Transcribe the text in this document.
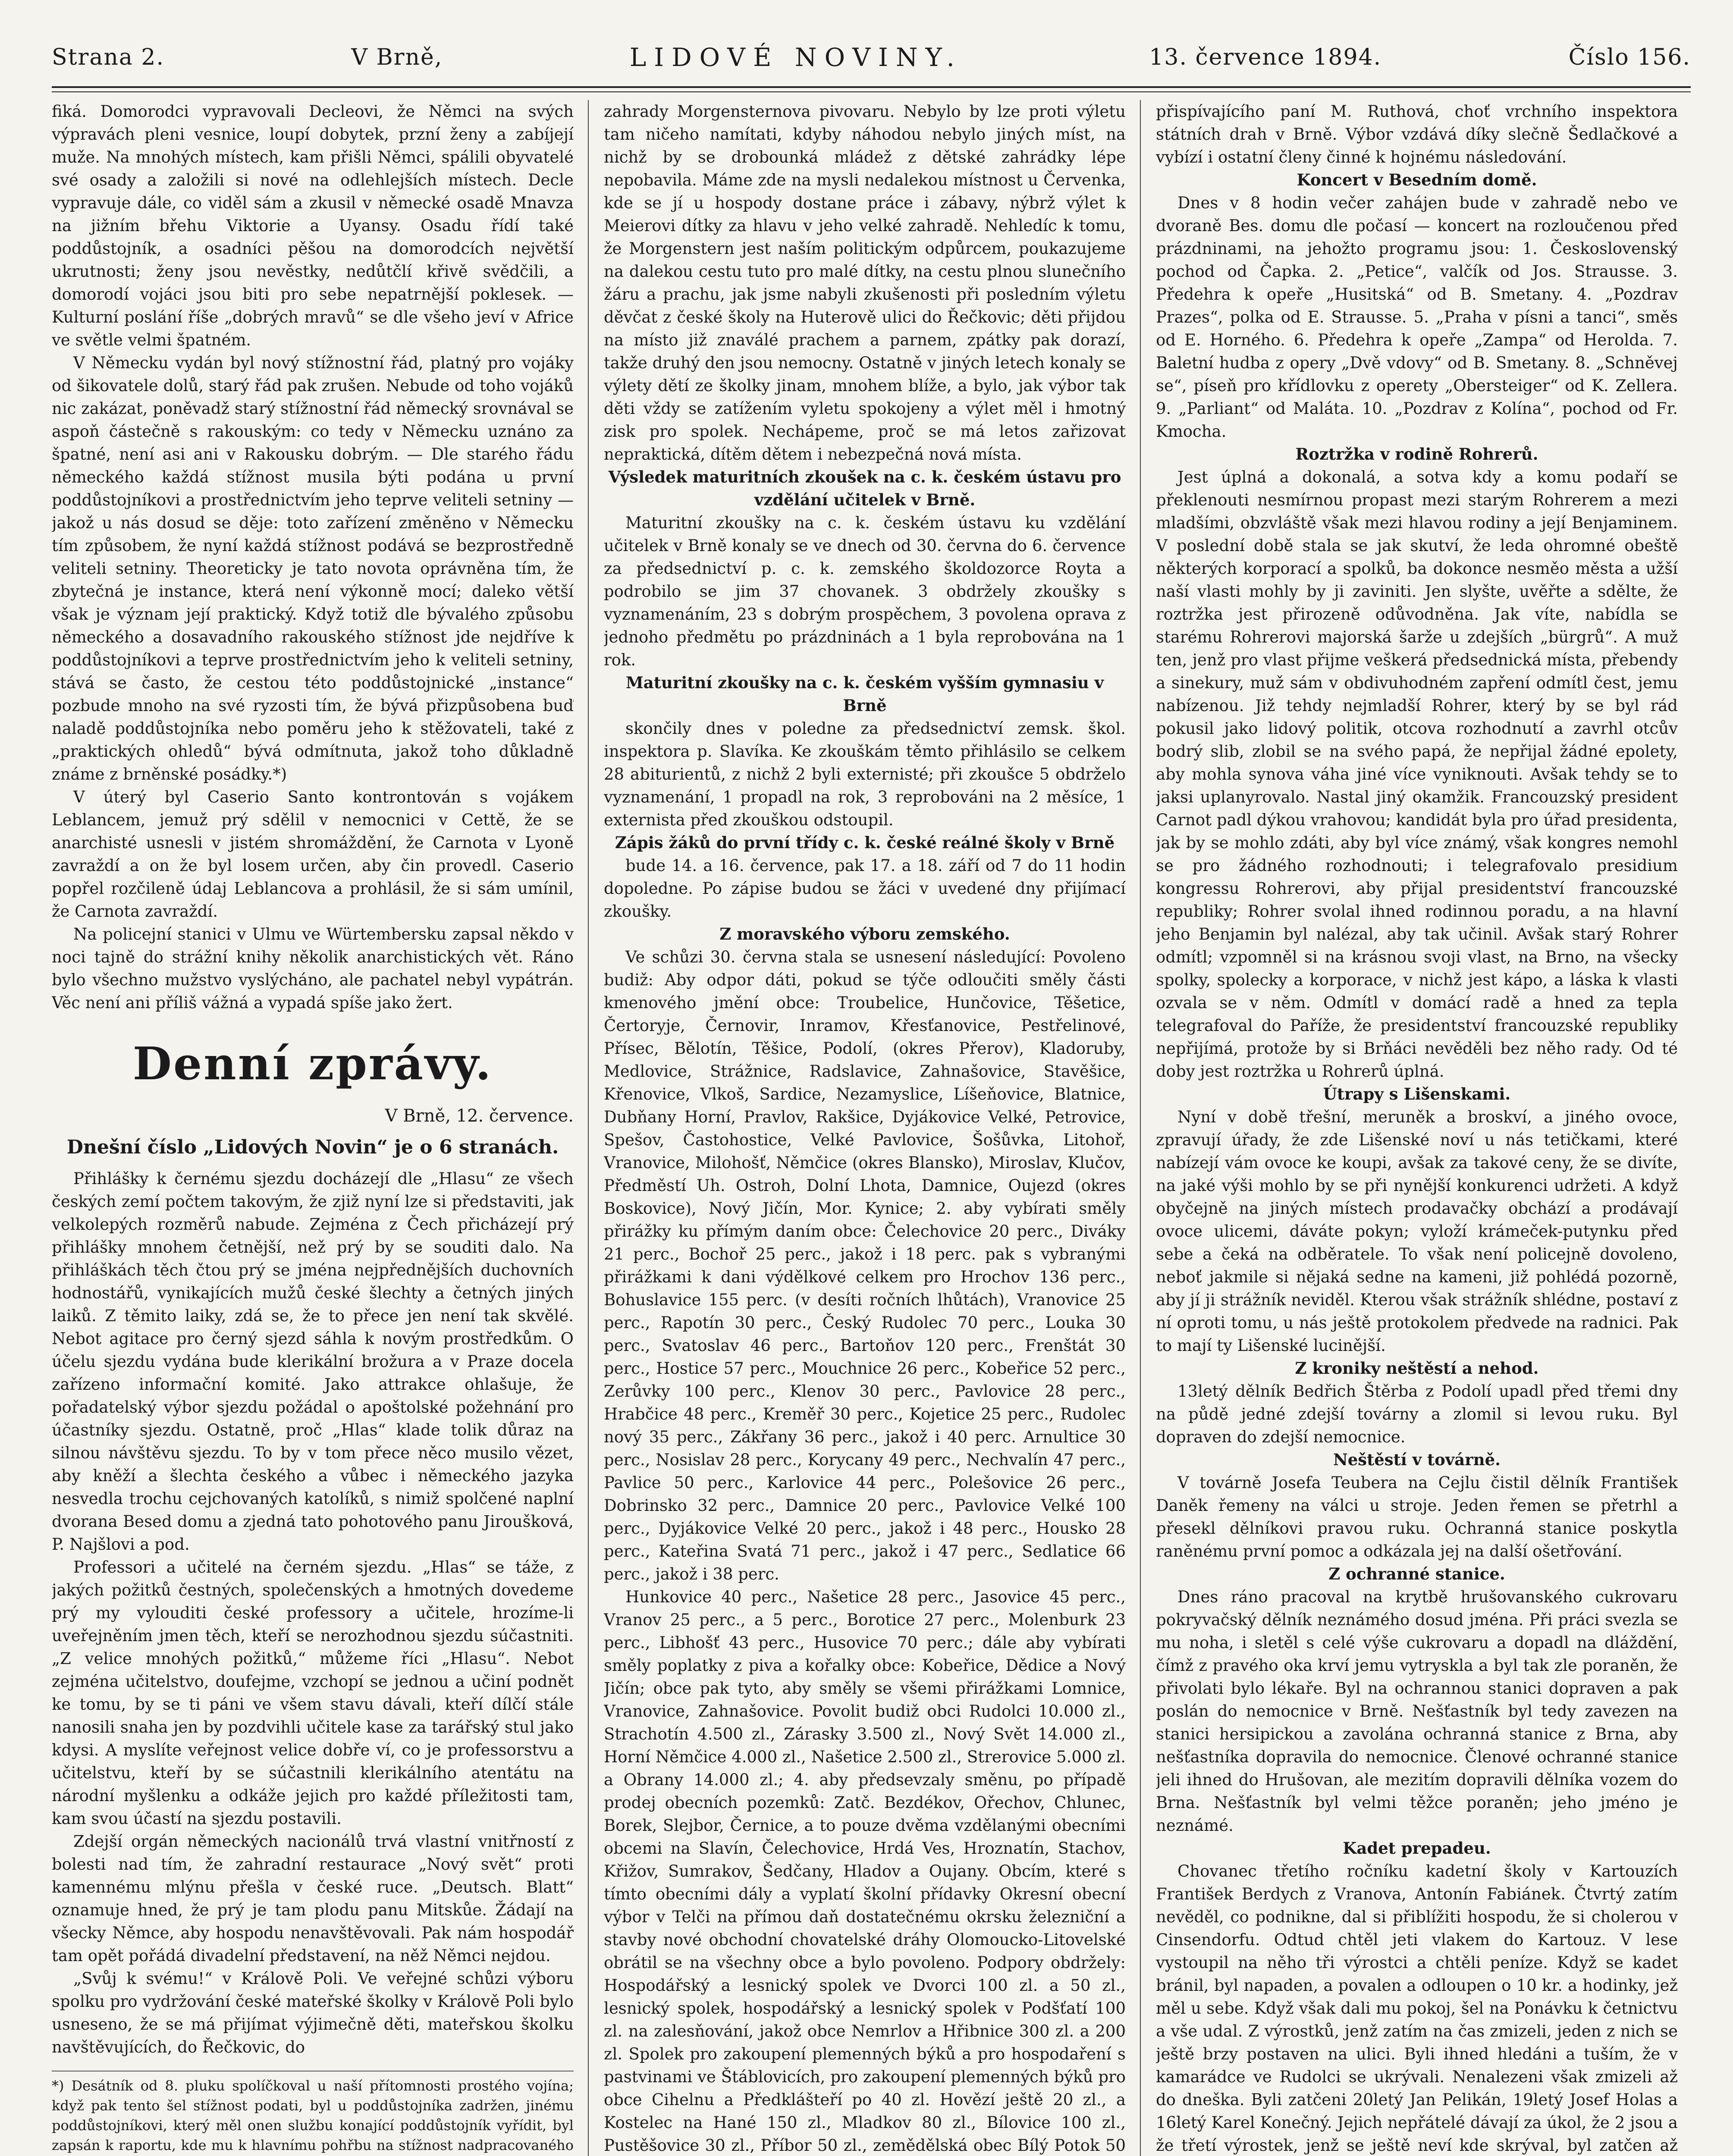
Strana 2.	V Brně,	LIDOVÉ NOVINY.	13. července 1894.	Číslo 156.

fiká. Domorodci vypravovali Decleovi, že Němci na svých výpravách pleni vesnice, loupí dobytek, przní ženy a zabíjejí muže. Na mnohých místech, kam přišli Němci, spálili obyvatelé své osady a založili si nové na odlehlejších místech. Decle vypravuje dále, co viděl sám a zkusil v německé osadě Mnavza na jižním břehu Viktorie a Uyansy. Osadu řídí také poddůstojník, a osadníci pěšou na domorodcích největší ukrutnosti; ženy jsou nevěstky, nedůtčlí křivě svědčili, a domorodí vojáci jsou biti pro sebe nepatrnější poklesek. — Kulturní poslání říše „dobrých mravů“ se dle všeho jeví v Africe ve světle velmi špatném.

V Německu vydán byl nový stížnostní řád, platný pro vojáky od šikovatele dolů, starý řád pak zrušen. Nebude od toho vojáků nic zakázat, poněvadž starý stížnostní řád německý srovnával se aspoň částečně s rakouským: co tedy v Německu uznáno za špatné, není asi ani v Rakousku dobrým. — Dle starého řádu německého každá stížnost musila býti podána u první poddůstojníkovi a prostřednictvím jeho teprve veliteli setniny — jakož u nás dosud se děje: toto zařízení změněno v Německu tím způsobem, že nyní každá stížnost podává se bezprostředně veliteli setniny. Theoreticky je tato novota oprávněna tím, že zbytečná je instance, která není výkonně mocí; daleko větší však je význam její praktický. Když totiž dle bývalého způsobu německého a dosavadního rakouského stížnost jde nejdříve k poddůstojníkovi a teprve prostřednictvím jeho k veliteli setniny, stává se často, že cestou této poddůstojnické „instance“ pozbude mnoho na své ryzosti tím, že bývá přizpůsobena buď naladě poddůstojníka nebo poměru jeho k stěžovateli, také z „praktických ohledů“ bývá odmítnuta, jakož toho důkladně známe z brněnské posádky.*)

V úterý byl Caserio Santo kontrontován s vojákem Leblancem, jemuž prý sdělil v nemocnici v Cettě, že se anarchisté usnesli v jistém shromáždění, že Carnota v Lyoně zavraždí a on že byl losem určen, aby čin provedl. Caserio popřel rozčileně údaj Leblancova a prohlásil, že si sám umínil, že Carnota zavraždí.

Na policejní stanici v Ulmu ve Würtembersku zapsal někdo v noci tajně do strážní knihy několik anarchistických vět. Ráno bylo všechno mužstvo vyslýcháno, ale pachatel nebyl vypátrán. Věc není ani příliš vážná a vypadá spíše jako žert.

Denní zprávy.
V Brně, 12. července.
Dnešní číslo „Lidových Novin“ je o 6 stranách.

Přihlášky k černému sjezdu docházejí dle „Hlasu“ ze všech českých zemí počtem takovým, že zjiž nyní lze si představiti, jak velkolepých rozměrů nabude. Zejména z Čech přicházejí prý přihlášky mnohem četnější, než prý by se souditi dalo. Na přihláškách těch čtou prý se jména nejpřednějších duchovních hodnostářů, vynikajících mužů české šlechty a četných jiných laiků. Z těmito laiky, zdá se, že to přece jen není tak skvělé. Nebot agitace pro černý sjezd sáhla k novým prostředkům. O účelu sjezdu vydána bude klerikální brožura a v Praze docela zařízeno informační komité. Jako attrakce ohlašuje, že pořadatelský výbor sjezdu požádal o apoštolské požehnání pro účastníky sjezdu. Ostatně, proč „Hlas“ klade tolik důraz na silnou návštěvu sjezdu. To by v tom přece něco musilo vězet, aby kněží a šlechta českého a vůbec i německého jazyka nesvedla trochu cejchovaných katolíků, s nimiž spolčené naplní dvorana Besed domu a zjedná tato pohotového panu Jiroušková, P. Najšlovi a pod.

Professori a učitelé na černém sjezdu. „Hlas“ se táže, z jakých požitků čestných, společenských a hmotných dovedeme prý my vylouditi české professory a učitele, hrozíme-li uveřejněním jmen těch, kteří se nerozhodnou sjezdu súčastniti. „Z velice mnohých požitků,“ můžeme říci „Hlasu“. Nebot zejména učitelstvo, doufejme, vzchopí se jednou a učiní podnět ke tomu, by se ti páni ve všem stavu dávali, kteří dílčí stále nanosili snaha jen by pozdvihli učitele kase za tarářský stul jako kdysi. A myslíte veřejnost velice dobře ví, co je professorstvu a učitelstvu, kteří by se súčastnili klerikálního atentátu na národní myšlenku a odkáže jejich pro každé příležitosti tam, kam svou účastí na sjezdu postavili.

Zdejší orgán německých nacionálů trvá vlastní vnitřností z bolesti nad tím, že zahradní restaurace „Nový svět“ proti kamennému mlýnu přešla v české ruce. „Deutsch. Blatt“ oznamuje hned, že prý je tam plodu panu Mitskůe. Žádají na všecky Němce, aby hospodu nenavštěvovali. Pak nám hospodář tam opět pořádá divadelní představení, na něž Němci nejdou.

„Svůj k svému!“ v Králově Poli. Ve veřejné schůzi výboru spolku pro vydržování české mateřské školky v Králově Poli bylo usneseno, že se má přijímat výjimečně děti, mateřskou školku navštěvujících, do Řečkovic, do

*) Desátník od 8. pluku spolíčkoval u naší přítomnosti prostého vojína; když pak tento šel stížnost podati, byl u poddůstojníka zadržen, jinému poddůstojníkovi, který měl onen službu konající poddůstojník vyřídit, byl zapsán k raportu, kde mu k hlavnímu pohřbu na stížnost nadpracovaného

zahrady Morgensternova pivovaru. Nebylo by lze proti výletu tam ničeho namítati, kdyby náhodou nebylo jiných míst, na nichž by se drobounká mládež z dětské zahrádky lépe nepobavila. Máme zde na mysli nedalekou místnost u Červenka, kde se jí u hospody dostane práce i zábavy, nýbrž výlet k Meierovi dítky za hlavu v jeho velké zahradě. Nehledíc k tomu, že Morgenstern jest naším politickým odpůrcem, poukazujeme na dalekou cestu tuto pro malé dítky, na cestu plnou slunečního žáru a prachu, jak jsme nabyli zkušenosti při posledním výletu děvčat z české školy na Huterově ulici do Řečkovic; děti přijdou na místo již znaválé prachem a parnem, zpátky pak dorazí, takže druhý den jsou nemocny. Ostatně v jiných letech konaly se výlety dětí ze školky jinam, mnohem blíže, a bylo, jak výbor tak děti vždy se zatížením vyletu spokojeny a výlet měl i hmotný zisk pro spolek. Nechápeme, proč se má letos zařizovat nepraktická, dítěm dětem i nebezpečná nová místa.

Výsledek maturitních zkoušek na c. k. českém ústavu pro vzdělání učitelek v Brně.

Maturitní zkoušky na c. k. českém ústavu ku vzdělání učitelek v Brně konaly se ve dnech od 30. června do 6. července za předsednictví p. c. k. zemského školdozorce Royta a podrobilo se jim 37 chovanek. 3 obdržely zkoušky s vyznamenáním, 23 s dobrým prospěchem, 3 povolena oprava z jednoho předmětu po prázdninách a 1 byla reprobována na 1 rok.

Maturitní zkoušky na c. k. českém vyšším gymnasiu v Brně

skončily dnes v poledne za předsednictví zemsk. škol. inspektora p. Slavíka. Ke zkouškám těmto přihlásilo se celkem 28 abiturientů, z nichž 2 byli externisté; při zkoušce 5 obdrželo vyznamenání, 1 propadl na rok, 3 reprobováni na 2 měsíce, 1 externista před zkouškou odstoupil.

Zápis žáků do první třídy c. k. české reálné školy v Brně

bude 14. a 16. července, pak 17. a 18. září od 7 do 11 hodin dopoledne. Po zápise budou se žáci v uvedené dny přijímací zkoušky.

Z moravského výboru zemského.

Ve schůzi 30. června stala se usnesení následující: Povoleno budiž: Aby odpor dáti, pokud se týče odloučiti směly části kmenového jmění obce: Troubelice, Hunčovice, Těšetice, Čertoryje, Černovir, Inramov, Křesťanovice, Pestřelinové, Přísec, Bělotín, Těšice, Podolí, (okres Přerov), Kladoruby, Medlovice, Strážnice, Radslavice, Zahnašovice, Stavěšice, Křenovice, Vlkoš, Sardice, Nezamyslice, Líšeňovice, Blatnice, Dubňany Horní, Pravlov, Rakšice, Dyjákovice Velké, Petrovice, Spešov, Častohostice, Velké Pavlovice, Šošůvka, Litohoř, Vranovice, Milohošť, Němčice (okres Blansko), Miroslav, Klučov, Předměstí Uh. Ostroh, Dolní Lhota, Damnice, Oujezd (okres Boskovice), Nový Jičín, Mor. Kynice; 2. aby vybírati směly přirážky ku přímým daním obce: Čelechovice 20 perc., Diváky 21 perc., Bochoř 25 perc., jakož i 18 perc. pak s vybranými přirážkami k dani výdělkové celkem pro Hrochov 136 perc., Bohuslavice 155 perc. (v desíti ročních lhůtách), Vranovice 25 perc., Rapotín 30 perc., Český Rudolec 70 perc., Louka 30 perc., Svatoslav 46 perc., Bartoňov 120 perc., Frenštát 30 perc., Hostice 57 perc., Mouchnice 26 perc., Kobeřice 52 perc., Zerůvky 100 perc., Klenov 30 perc., Pavlovice 28 perc., Hrabčice 48 perc., Kreměř 30 perc., Kojetice 25 perc., Rudolec nový 35 perc., Zákřany 36 perc., jakož i 40 perc. Arnultice 30 perc., Nosislav 28 perc., Korycany 49 perc., Nechvalín 47 perc., Pavlice 50 perc., Karlovice 44 perc., Polešovice 26 perc., Dobrinsko 32 perc., Damnice 20 perc., Pavlovice Velké 100 perc., Dyjákovice Velké 20 perc., jakož i 48 perc., Housko 28 perc., Kateřina Svatá 71 perc., jakož i 47 perc., Sedlatice 66 perc., jakož i 38 perc.

Hunkovice 40 perc., Našetice 28 perc., Jasovice 45 perc., Vranov 25 perc., a 5 perc., Borotice 27 perc., Molenburk 23 perc., Libhošť 43 perc., Husovice 70 perc.; dále aby vybírati směly poplatky z piva a kořalky obce: Kobeřice, Dědice a Nový Jičín; obce pak tyto, aby směly se všemi přirážkami Lomnice, Vranovice, Zahnašovice. Povolit budiž obci Rudolci 10.000 zl., Strachotín 4.500 zl., Zárasky 3.500 zl., Nový Svět 14.000 zl., Horní Němčice 4.000 zl., Našetice 2.500 zl., Strerovice 5.000 zl. a Obrany 14.000 zl.; 4. aby předsevzaly směnu, po případě prodej obecních pozemků: Zatč. Bezdékov, Ořechov, Chlunec, Borek, Slejbor, Černice, a to pouze dvěma vzdělanými obecními obcemi na Slavín, Čelechovice, Hrdá Ves, Hroznatín, Stachov, Křižov, Sumrakov, Šedčany, Hladov a Oujany. Obcím, které s tímto obecními dály a vyplatí školní přídavky Okresní obecní výbor v Telči na přímou daň dostatečnému okrsku železniční a stavby nové obchodní chovatelské dráhy Olomoucko-Litovelské obrátil se na všechny obce a bylo povoleno. Podpory obdržely: Hospodářský a lesnický spolek ve Dvorci 100 zl. a 50 zl., lesnický spolek, hospodářský a lesnický spolek v Podšťatí 100 zl. na zalesňování, jakož obce Nemrlov a Hřibnice 300 zl. a 200 zl. Spolek pro zakoupení plemenných býků a pro hospodaření s pastvinami ve Štáblovicích, pro zakoupení plemenných býků pro obce Cihelnu a Předklášteří po 40 zl. Hovězí ještě 20 zl., a Kostelec na Hané 150 zl., Mladkov 80 zl., Bílovice 100 zl., Pustěšovice 30 zl., Příbor 50 zl., zemědělská obec Bílý Potok 50

přispívajícího paní M. Ruthová, choť vrchního inspektora státních drah v Brně. Výbor vzdává díky slečně Šedlačkové a vybízí i ostatní členy činné k hojnému následování.

Koncert v Besedním domě.

Dnes v 8 hodin večer zahájen bude v zahradě nebo ve dvoraně Bes. domu dle počasí — koncert na rozloučenou před prázdninami, na jehožto programu jsou: 1. Československý pochod od Čapka. 2. „Petice“, valčík od Jos. Strausse. 3. Předehra k opeře „Husitská“ od B. Smetany. 4. „Pozdrav Prazes“, polka od E. Strausse. 5. „Praha v písni a tanci“, směs od E. Horného. 6. Předehra k opeře „Zampa“ od Herolda. 7. Baletní hudba z opery „Dvě vdovy“ od B. Smetany. 8. „Schněvej se“, píseň pro křídlovku z operety „Obersteiger“ od K. Zellera. 9. „Parliant“ od Maláta. 10. „Pozdrav z Kolína“, pochod od Fr. Kmocha.

Roztržka v rodině Rohrerů.

Jest úplná a dokonalá, a sotva kdy a komu podaří se překlenouti nesmírnou propast mezi starým Rohrerem a mezi mladšími, obzvláště však mezi hlavou rodiny a její Benjaminem. V poslední době stala se jak skutví, že leda ohromné obeště některých korporací a spolků, ba dokonce nesměo města a užší naší vlasti mohly by ji zaviniti. Jen slyšte, uvěřte a sdělte, že roztržka jest přirozeně odůvodněna. Jak víte, nabídla se starému Rohrerovi majorská šarže u zdejších „bürgrů“. A muž ten, jenž pro vlast přijme veškerá předsednická místa, přebendy a sinekury, muž sám v obdivuhodném zapření odmítl čest, jemu nabízenou. Již tehdy nejmladší Rohrer, který by se byl rád pokusil jako lidový politik, otcova rozhodnutí a zavrhl otcův bodrý slib, zlobil se na svého papá, že nepřijal žádné epolety, aby mohla synova váha jiné více vyniknouti. Avšak tehdy se to jaksi uplanyrovalo. Nastal jiný okamžik. Francouzský president Carnot padl dýkou vrahovou; kandidát byla pro úřad presidenta, jak by se mohlo zdáti, aby byl více známý, však kongres nemohl se pro žádného rozhodnouti; i telegrafovalo presidium kongressu Rohrerovi, aby přijal presidentství francouzské republiky; Rohrer svolal ihned rodinnou poradu, a na hlavní jeho Benjamin byl nalézal, aby tak učinil. Avšak starý Rohrer odmítl; vzpomněl si na krásnou svoji vlast, na Brno, na všecky spolky, spolecky a korporace, v nichž jest kápo, a láska k vlasti ozvala se v něm. Odmítl v domácí radě a hned za tepla telegrafoval do Paříže, že presidentství francouzské republiky nepřijímá, protože by si Brňáci nevěděli bez něho rady. Od té doby jest roztržka u Rohrerů úplná.

Útrapy s Lišenskami.

Nyní v době třešní, meruněk a broskví, a jiného ovoce, zpravují úřady, že zde Lišenské noví u nás tetičkami, které nabízejí vám ovoce ke koupi, avšak za takové ceny, že se divíte, na jaké výši mohlo by se při nynější konkurenci udržeti. A když obyčejně na jiných místech prodavačky obchází a prodávají ovoce ulicemi, dáváte pokyn; vyloží krámeček-putynku před sebe a čeká na odběratele. To však není policejně dovoleno, neboť jakmile si nějaká sedne na kameni, již pohlédá pozorně, aby jí ji strážník neviděl. Kterou však strážník shlédne, postaví z ní oproti tomu, u nás ještě protokolem předvede na radnici. Pak to mají ty Lišenské lucinější.

Z kroniky neštěstí a nehod.

13letý dělník Bedřich Štěrba z Podolí upadl před třemi dny na půdě jedné zdejší továrny a zlomil si levou ruku. Byl dopraven do zdejší nemocnice.

Neštěstí v továrně.

V továrně Josefa Teubera na Cejlu čistil dělník František Daněk řemeny na válci u stroje. Jeden řemen se přetrhl a přesekl dělníkovi pravou ruku. Ochranná stanice poskytla raněnému první pomoc a odkázala jej na další ošetřování.

Z ochranné stanice.

Dnes ráno pracoval na krytbě hrušovanského cukrovaru pokryvačský dělník neznámého dosud jména. Při práci svezla se mu noha, i sletěl s celé výše cukrovaru a dopadl na dláždění, čímž z pravého oka krví jemu vytryskla a byl tak zle poraněn, že přivolati bylo lékaře. Byl na ochrannou stanici dopraven a pak poslán do nemocnice v Brně. Nešťastník byl tedy zavezen na stanici hersipickou a zavolána ochranná stanice z Brna, aby nešťastníka dopravila do nemocnice. Členové ochranné stanice jeli ihned do Hrušovan, ale mezitím dopravili dělníka vozem do Brna. Nešťastník byl velmi těžce poraněn; jeho jméno je neznámé.

Kadet prepadeu.

Chovanec třetího ročníku kadetní školy v Kartouzích František Berdych z Vranova, Antonín Fabiánek. Čtvrtý zatím nevěděl, co podnikne, dal si přiblížiti hospodu, že si cholerou v Cinsendorfu. Odtud chtěl jeti vlakem do Kartouz. V lese vystoupil na něho tři výrostci a chtěli peníze. Když se kadet bránil, byl napaden, a povalen a odloupen o 10 kr. a hodinky, jež měl u sebe. Když však dali mu pokoj, šel na Ponávku k četnictvu a vše udal. Z výrostků, jenž zatím na čas zmizeli, jeden z nich se ještě brzy postaven na ulici. Byli ihned hledáni a tuším, že v kamarádce ve Rudolci se ukrývali. Nenalezeni však zmizeli až do dneška. Byli zatčeni 20letý Jan Pelikán, 19letý Josef Holas a 16letý Karel Konečný. Jejich nepřátelé dávají za úkol, že 2 jsou a že třetí výrostek, jenž se ještě neví kde skrýval, byl zatčen až
